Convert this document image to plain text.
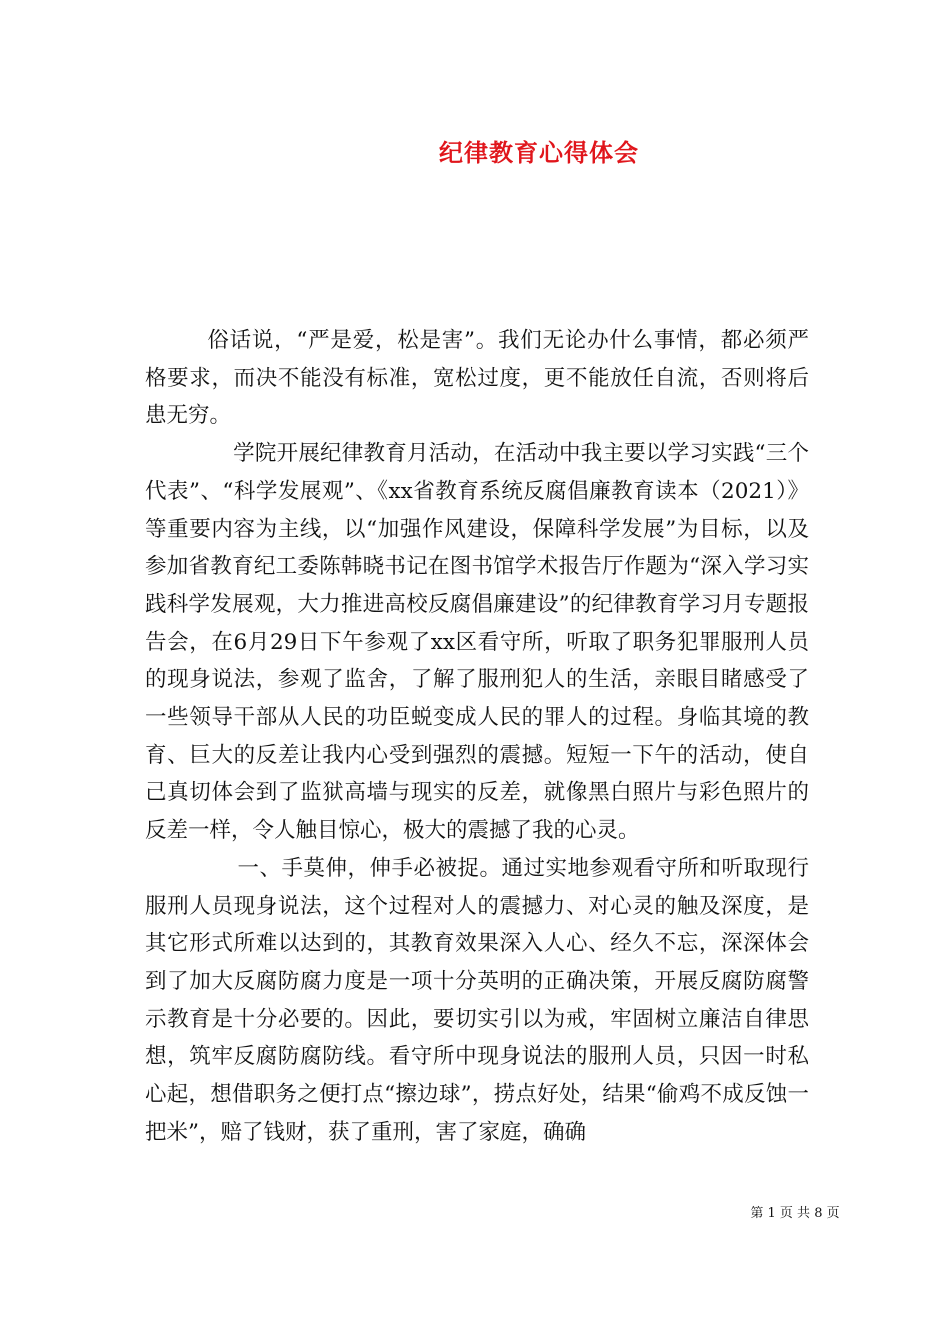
纪律教育心得体会

俗话说，“严是爱，松是害”。我们无论办什么事情，都必须严格要求，而决不能没有标准，宽松过度，更不能放任自流，否则将后患无穷。

学院开展纪律教育月活动，在活动中我主要以学习实践“三个代表”、“科学发展观”、《xx省教育系统反腐倡廉教育读本（2021）》等重要内容为主线，以“加强作风建设，保障科学发展”为目标，以及参加省教育纪工委陈韩晓书记在图书馆学术报告厅作题为“深入学习实践科学发展观，大力推进高校反腐倡廉建设”的纪律教育学习月专题报告会，在6月29日下午参观了xx区看守所，听取了职务犯罪服刑人员的现身说法，参观了监舍，了解了服刑犯人的生活，亲眼目睹感受了一些领导干部从人民的功臣蜕变成人民的罪人的过程。身临其境的教育、巨大的反差让我内心受到强烈的震撼。短短一下午的活动，使自己真切体会到了监狱高墙与现实的反差，就像黑白照片与彩色照片的反差一样，令人触目惊心，极大的震撼了我的心灵。

一、手莫伸，伸手必被捉。通过实地参观看守所和听取现行服刑人员现身说法，这个过程对人的震撼力、对心灵的触及深度，是其它形式所难以达到的，其教育效果深入人心、经久不忘，深深体会到了加大反腐防腐力度是一项十分英明的正确决策，开展反腐防腐警示教育是十分必要的。因此，要切实引以为戒，牢固树立廉洁自律思想，筑牢反腐防腐防线。看守所中现身说法的服刑人员，只因一时私心起，想借职务之便打点“擦边球”，捞点好处，结果“偷鸡不成反蚀一把米”，赔了钱财，获了重刑，害了家庭，确确

第 1 页 共 8 页
